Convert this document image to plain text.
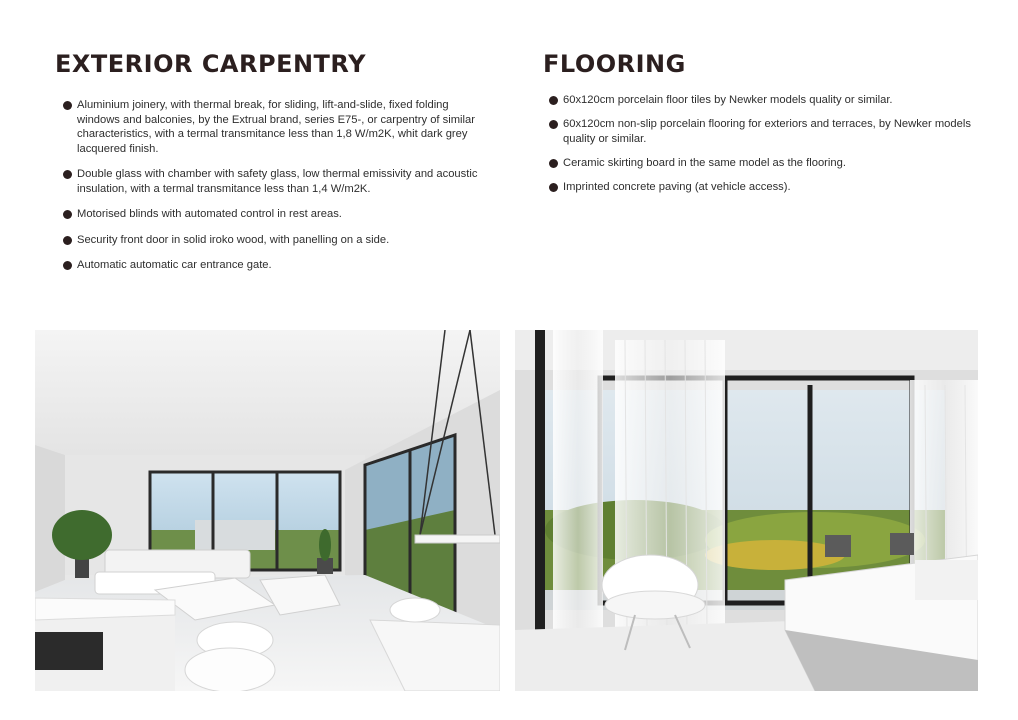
EXTERIOR CARPENTRY
Aluminium joinery, with thermal break, for sliding, lift-and-slide, fixed folding windows and balconies, by the Extrual brand, series E75-, or carpentry of similar characteristics, with a termal transmitance less than 1,8 W/m2K, whit dark grey lacquered finish.
Double glass with chamber with safety glass, low thermal emissivity and acoustic insulation, with a termal transmitance less than 1,4 W/m2K.
Motorised blinds with automated control in rest areas.
Security front door in solid iroko wood, with panelling on a side.
Automatic automatic car entrance gate.
FLOORING
60x120cm porcelain floor tiles by Newker models quality or similar.
60x120cm non-slip porcelain flooring for exteriors and terraces, by Newker models quality or similar.
Ceramic skirting board in the same model as the flooring.
Imprinted concrete paving (at vehicle access).
